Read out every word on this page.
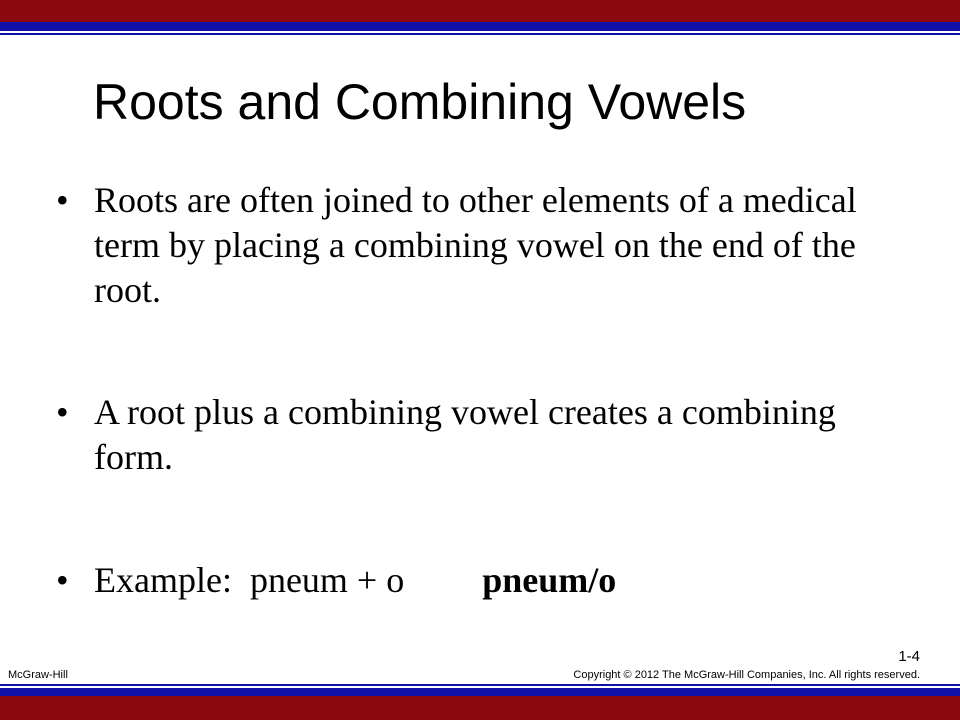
Roots and Combining Vowels
• Roots are often joined to other elements of a medical term by placing a combining vowel on the end of the root.
• A root plus a combining vowel creates a combining form.
• Example:  pneum + o pneum/o
1-4
McGraw-Hill	Copyright © 2012 The McGraw-Hill Companies, Inc. All rights reserved.
